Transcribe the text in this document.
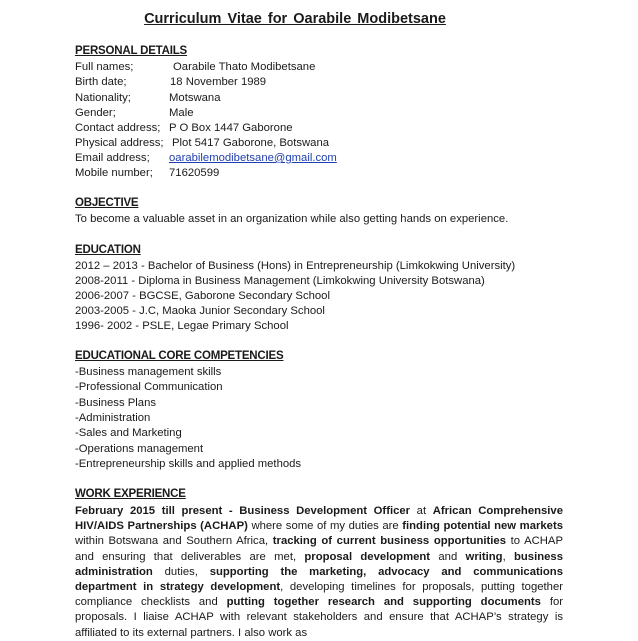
Curriculum Vitae for Oarabile Modibetsane
PERSONAL DETAILS
Full names;	Oarabile Thato Modibetsane
Birth date;	18 November 1989
Nationality;	Motswana
Gender;	Male
Contact address; P O Box 1447 Gaborone
Physical address; Plot 5417 Gaborone, Botswana
Email address; oarabilemodibetsane@gmail.com
Mobile number; 71620599
OBJECTIVE
To become a valuable asset in an organization while also getting hands on experience.
EDUCATION
2012 – 2013 - Bachelor of Business (Hons) in Entrepreneurship (Limkokwing University)
2008-2011 - Diploma in Business Management (Limkokwing University Botswana)
2006-2007 - BGCSE, Gaborone Secondary School
2003-2005 - J.C, Maoka Junior Secondary School
1996- 2002 - PSLE, Legae Primary School
EDUCATIONAL CORE COMPETENCIES
-Business management skills
-Professional Communication
-Business Plans
-Administration
-Sales and Marketing
-Operations management
-Entrepreneurship skills and applied methods
WORK EXPERIENCE
February 2015 till present - Business Development Officer at African Comprehensive HIV/AIDS Partnerships (ACHAP) where some of my duties are finding potential new markets within Botswana and Southern Africa, tracking of current business opportunities to ACHAP and ensuring that deliverables are met, proposal development and writing, business administration duties, supporting the marketing, advocacy and communications department in strategy development, developing timelines for proposals, putting together compliance checklists and putting together research and supporting documents for proposals. I liaise ACHAP with relevant stakeholders and ensure that ACHAP’s strategy is affiliated to its external partners. I also work as
